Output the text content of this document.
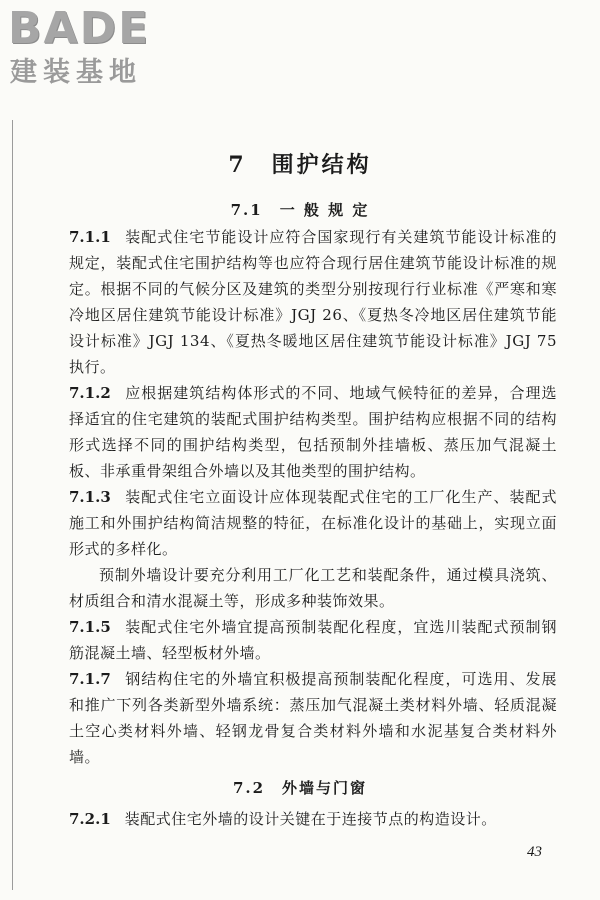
BADE
建装基地
7　围护结构
7.1　一 般 规 定

7.1.1 装配式住宅节能设计应符合国家现行有关建筑节能设计标准的规定，装配式住宅围护结构等也应符合现行居住建筑节能设计标准的规定。根据不同的气候分区及建筑的类型分别按现行行业标准《严寒和寒冷地区居住建筑节能设计标准》JGJ 26、《夏热冬冷地区居住建筑节能设计标准》JGJ 134、《夏热冬暖地区居住建筑节能设计标准》JGJ 75 执行。

7.1.2 应根据建筑结构体形式的不同、地域气候特征的差异，合理选择适宜的住宅建筑的装配式围护结构类型。围护结构应根据不同的结构形式选择不同的围护结构类型，包括预制外挂墙板、蒸压加气混凝土板、非承重骨架组合外墙以及其他类型的围护结构。

7.1.3 装配式住宅立面设计应体现装配式住宅的工厂化生产、装配式施工和外围护结构简洁规整的特征，在标准化设计的基础上，实现立面形式的多样化。

预制外墙设计要充分利用工厂化工艺和装配条件，通过模具浇筑、材质组合和清水混凝土等，形成多种装饰效果。

7.1.5 装配式住宅外墙宜提高预制装配化程度，宜选川装配式预制钢筋混凝土墙、轻型板材外墙。

7.1.7 钢结构住宅的外墙宜积极提高预制装配化程度，可选用、发展和推广下列各类新型外墙系统：蒸压加气混凝土类材料外墙、轻质混凝土空心类材料外墙、轻钢龙骨复合类材料外墙和水泥基复合类材料外墙。

7.2　外墙与门窗

7.2.1 装配式住宅外墙的设计关键在于连接节点的构造设计。

43
